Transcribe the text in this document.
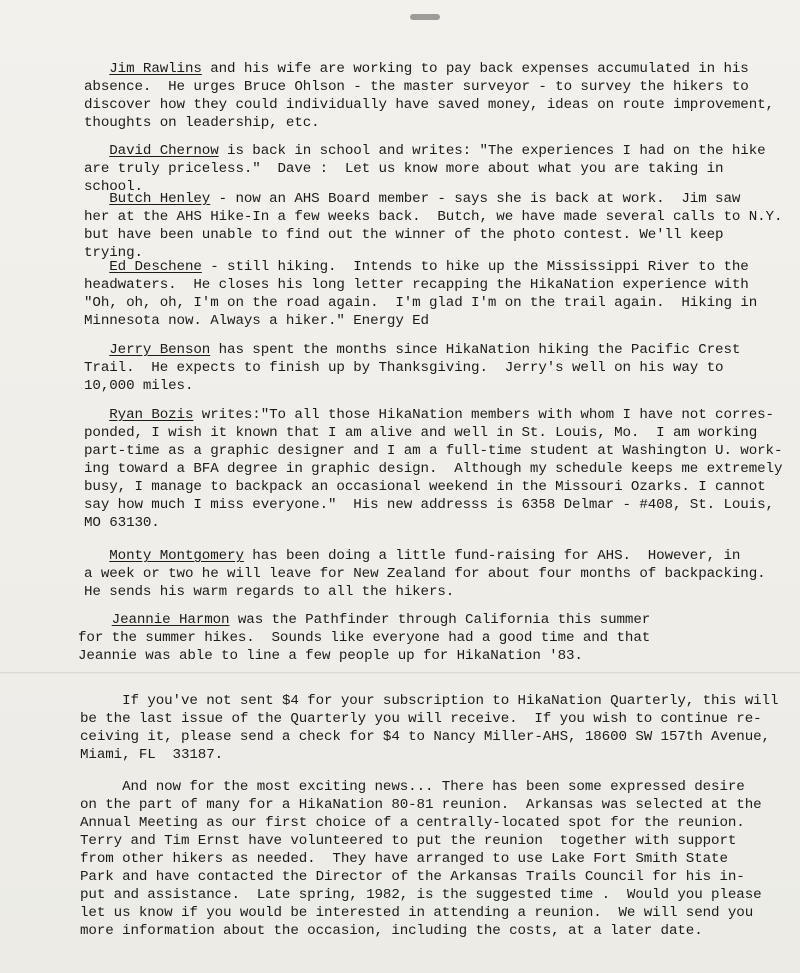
Jim Rawlins and his wife are working to pay back expenses accumulated in his
absence.  He urges Bruce Ohlson - the master surveyor - to survey the hikers to
discover how they could individually have saved money, ideas on route improvement,
thoughts on leadership, etc.

David Chernow is back in school and writes: "The experiences I had on the hike
are truly priceless."  Dave :  Let us know more about what you are taking in school.

Butch Henley - now an AHS Board member - says she is back at work.  Jim saw
her at the AHS Hike-In a few weeks back.  Butch, we have made several calls to N.Y.
but have been unable to find out the winner of the photo contest. We'll keep trying.

Ed Deschene - still hiking.  Intends to hike up the Mississippi River to the
headwaters.  He closes his long letter recapping the HikaNation experience with
"Oh, oh, oh, I'm on the road again.  I'm glad I'm on the trail again.  Hiking in
Minnesota now. Always a hiker." Energy Ed

Jerry Benson has spent the months since HikaNation hiking the Pacific Crest
Trail.  He expects to finish up by Thanksgiving.  Jerry's well on his way to
10,000 miles.

Ryan Bozis writes:"To all those HikaNation members with whom I have not corres-
ponded, I wish it known that I am alive and well in St. Louis, Mo.  I am working
part-time as a graphic designer and I am a full-time student at Washington U. work-
ing toward a BFA degree in graphic design.  Although my schedule keeps me extremely
busy, I manage to backpack an occasional weekend in the Missouri Ozarks. I cannot
say how much I miss everyone."  His new addresss is 6358 Delmar - #408, St. Louis,
MO 63130.

Monty Montgomery has been doing a little fund-raising for AHS.  However, in
a week or two he will leave for New Zealand for about four months of backpacking.
He sends his warm regards to all the hikers.

Jeannie Harmon was the Pathfinder through California this summer
for the summer hikes.  Sounds like everyone had a good time and that
Jeannie was able to line a few people up for HikaNation '83.

If you've not sent $4 for your subscription to HikaNation Quarterly, this will
be the last issue of the Quarterly you will receive.  If you wish to continue re-
ceiving it, please send a check for $4 to Nancy Miller-AHS, 18600 SW 157th Avenue,
Miami, FL  33187.

And now for the most exciting news... There has been some expressed desire
on the part of many for a HikaNation 80-81 reunion.  Arkansas was selected at the
Annual Meeting as our first choice of a centrally-located spot for the reunion.
Terry and Tim Ernst have volunteered to put the reunion  together with support
from other hikers as needed.  They have arranged to use Lake Fort Smith State
Park and have contacted the Director of the Arkansas Trails Council for his in-
put and assistance.  Late spring, 1982, is the suggested time .  Would you please
let us know if you would be interested in attending a reunion.  We will send you
more information about the occasion, including the costs, at a later date.
